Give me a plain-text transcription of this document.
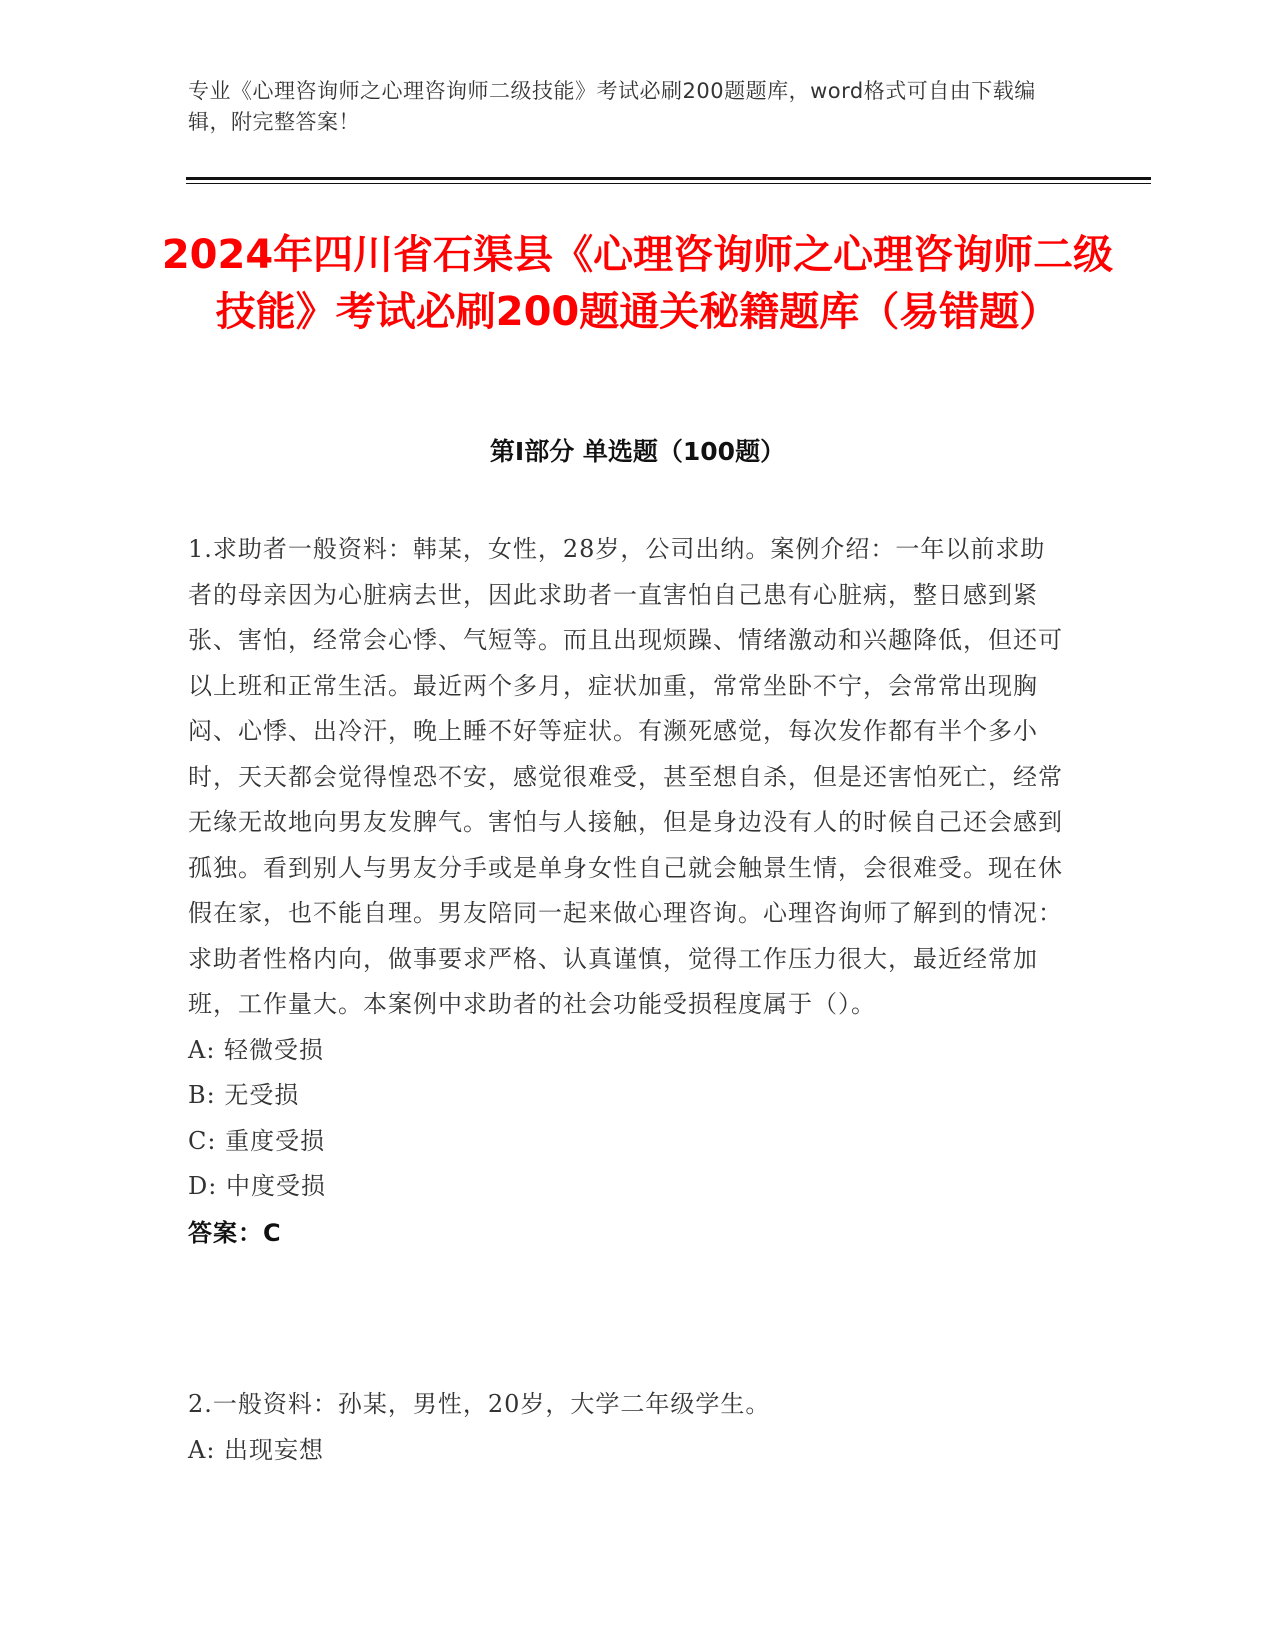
专业《心理咨询师之心理咨询师二级技能》考试必刷200题题库，word格式可自由下载编辑，附完整答案！
2024年四川省石渠县《心理咨询师之心理咨询师二级技能》考试必刷200题通关秘籍题库（易错题）
第Ⅰ部分 单选题（100题）

1.求助者一般资料：韩某，女性，28岁，公司出纳。案例介绍：一年以前求助者的母亲因为心脏病去世，因此求助者一直害怕自己患有心脏病，整日感到紧张、害怕，经常会心悸、气短等。而且出现烦躁、情绪激动和兴趣降低，但还可以上班和正常生活。最近两个多月，症状加重，常常坐卧不宁，会常常出现胸闷、心悸、出冷汗，晚上睡不好等症状。有濒死感觉，每次发作都有半个多小时，天天都会觉得惶恐不安，感觉很难受，甚至想自杀，但是还害怕死亡，经常无缘无故地向男友发脾气。害怕与人接触，但是身边没有人的时候自己还会感到孤独。看到别人与男友分手或是单身女性自己就会触景生情，会很难受。现在休假在家，也不能自理。男友陪同一起来做心理咨询。心理咨询师了解到的情况：求助者性格内向，做事要求严格、认真谨慎，觉得工作压力很大，最近经常加班，工作量大。本案例中求助者的社会功能受损程度属于（）。

A: 轻微受损

B: 无受损

C: 重度受损

D: 中度受损

答案：C

2.一般资料：孙某，男性，20岁，大学二年级学生。

A: 出现妄想
